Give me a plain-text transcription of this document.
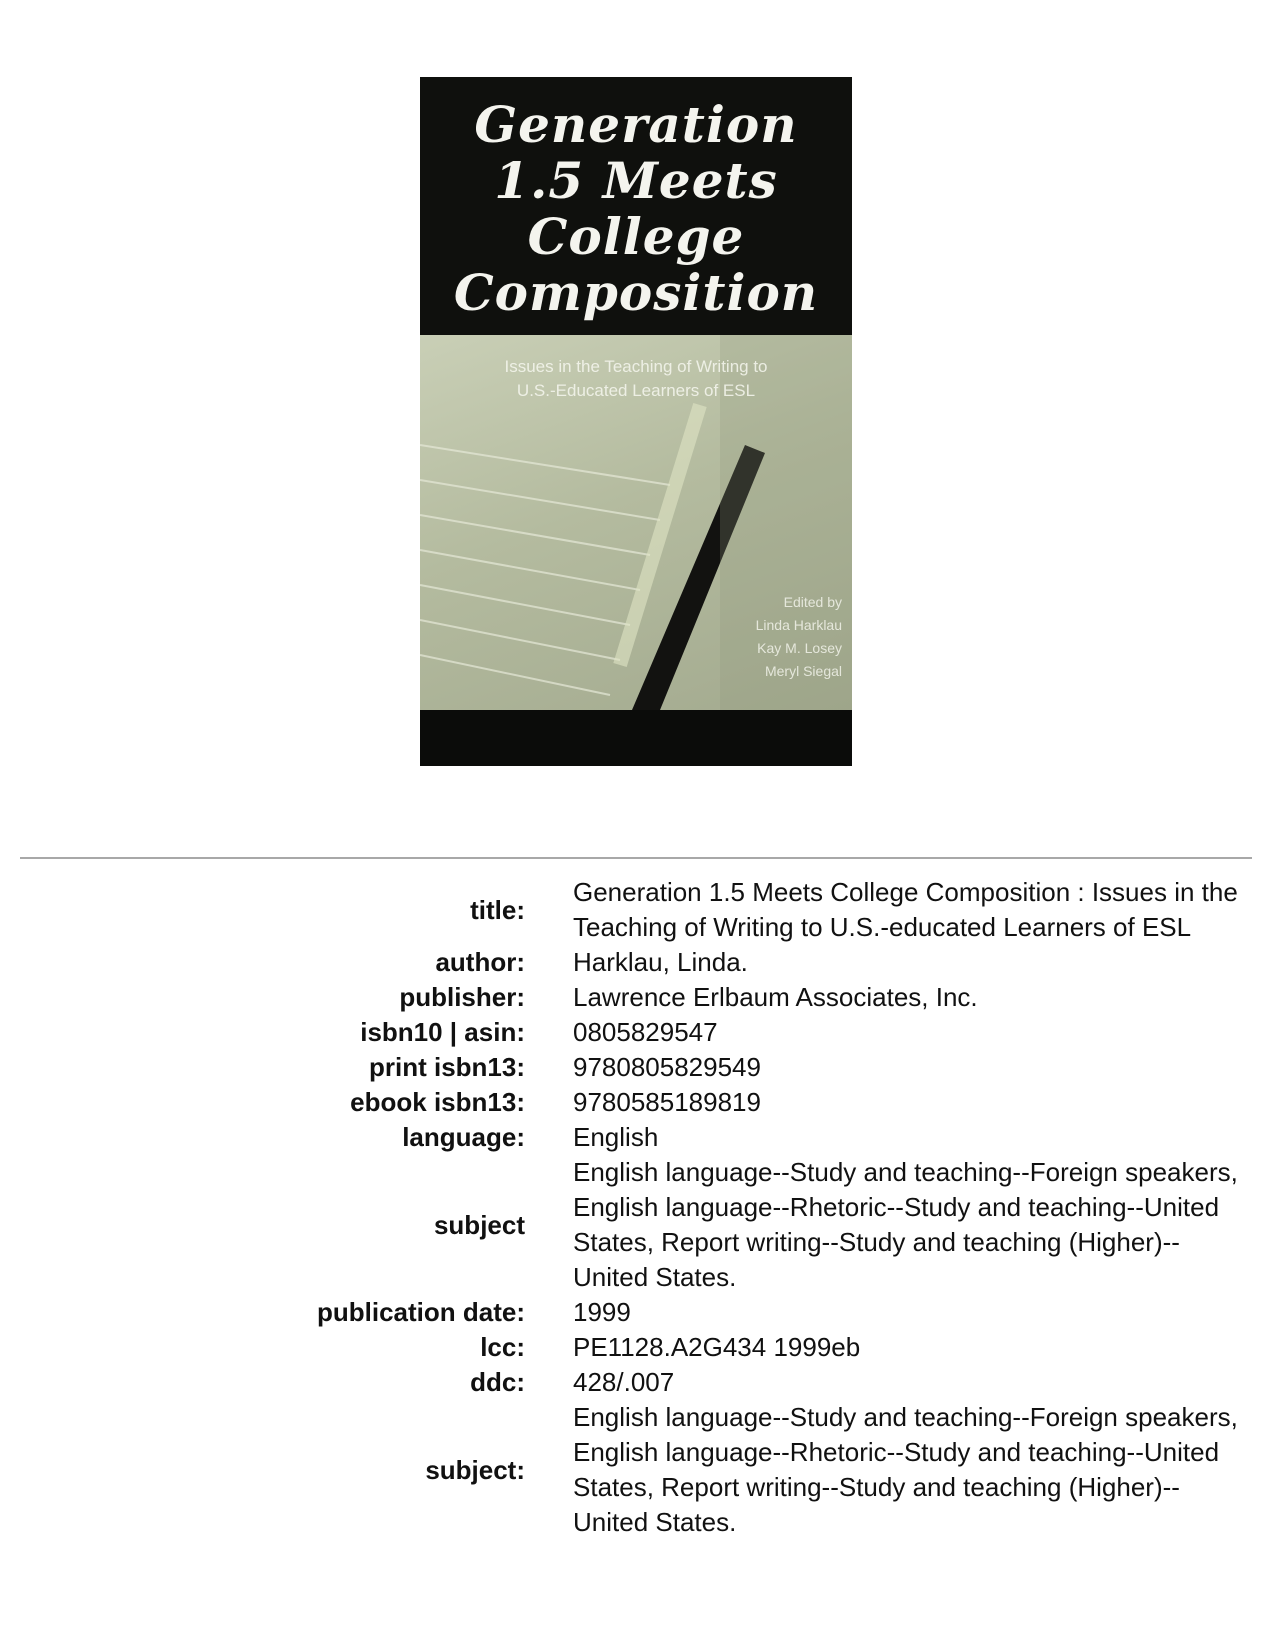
Generation
1.5 Meets
College
Composition
Issues in the Teaching of Writing to
U.S.-Educated Learners of ESL
Edited by
Linda Harklau
Kay M. Losey
Meryl Siegal
title:	Generation 1.5 Meets College Composition : Issues in the Teaching of Writing to U.S.-educated Learners of ESL
author:	Harklau, Linda.
publisher:	Lawrence Erlbaum Associates, Inc.
isbn10 | asin:	0805829547
print isbn13:	9780805829549
ebook isbn13:	9780585189819
language:	English
subject	English language--Study and teaching--Foreign speakers, English language--Rhetoric--Study and teaching--United States, Report writing--Study and teaching (Higher)--United States.
publication date:	1999
lcc:	PE1128.A2G434 1999eb
ddc:	428/.007
subject:	English language--Study and teaching--Foreign speakers, English language--Rhetoric--Study and teaching--United States, Report writing--Study and teaching (Higher)--United States.
